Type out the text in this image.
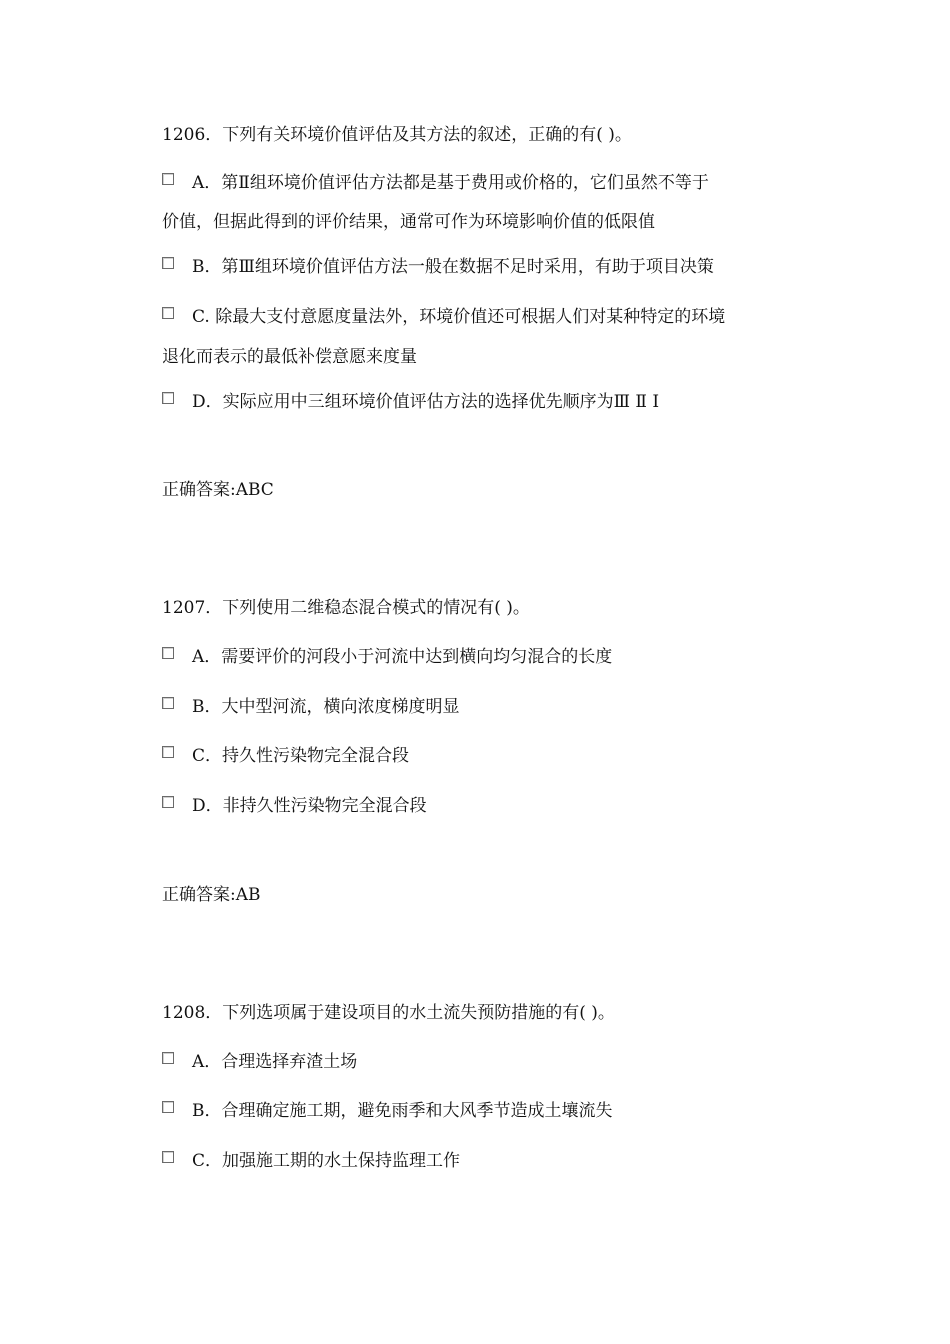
1206．下列有关环境价值评估及其方法的叙述，正确的有( )。
A．第Ⅱ组环境价值评估方法都是基于费用或价格的，它们虽然不等于
价值，但据此得到的评价结果，通常可作为环境影响价值的低限值
B．第Ⅲ组环境价值评估方法一般在数据不足时采用，有助于项目决策
C. 除最大支付意愿度量法外，环境价值还可根据人们对某种特定的环境
退化而表示的最低补偿意愿来度量
D．实际应用中三组环境价值评估方法的选择优先顺序为Ⅲ Ⅱ Ⅰ
正确答案:ABC
1207．下列使用二维稳态混合模式的情况有( )。
A．需要评价的河段小于河流中达到横向均匀混合的长度
B．大中型河流，横向浓度梯度明显
C．持久性污染物完全混合段
D．非持久性污染物完全混合段
正确答案:AB
1208．下列选项属于建设项目的水土流失预防措施的有( )。
A．合理选择弃渣土场
B．合理确定施工期，避免雨季和大风季节造成土壤流失
C．加强施工期的水土保持监理工作
